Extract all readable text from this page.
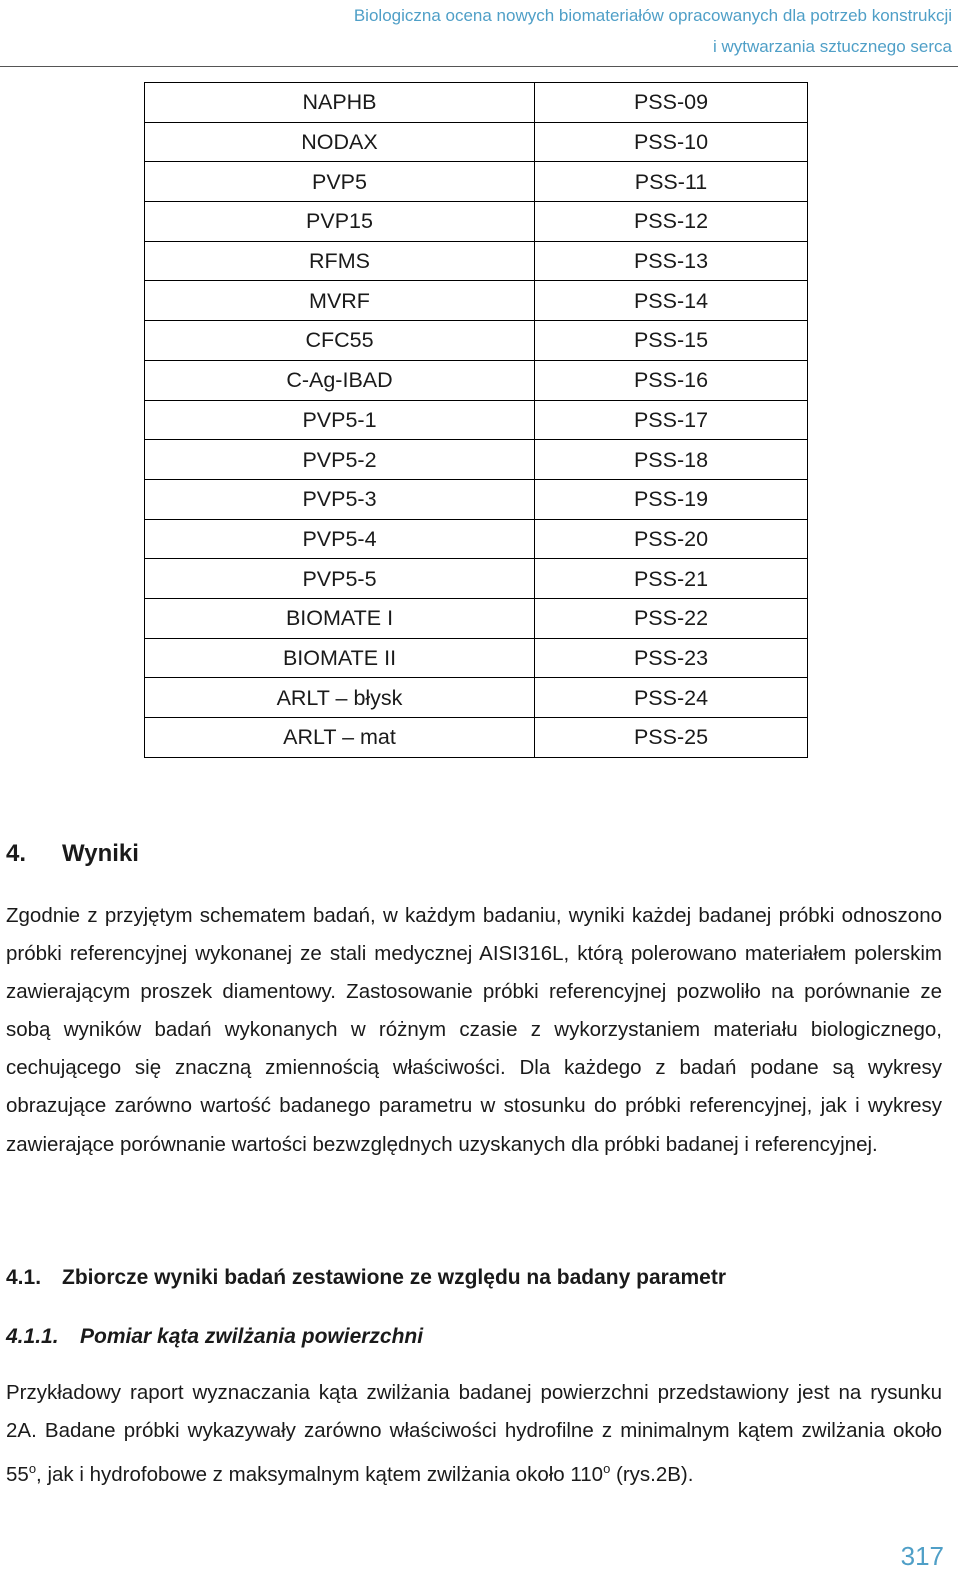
Biologiczna ocena nowych biomateriałów opracowanych dla potrzeb konstrukcji
i wytwarzania sztucznego serca
NAPHB	PSS-09
NODAX	PSS-10
PVP5	PSS-11
PVP15	PSS-12
RFMS	PSS-13
MVRF	PSS-14
CFC55	PSS-15
C-Ag-IBAD	PSS-16
PVP5-1	PSS-17
PVP5-2	PSS-18
PVP5-3	PSS-19
PVP5-4	PSS-20
PVP5-5	PSS-21
BIOMATE I	PSS-22
BIOMATE II	PSS-23
ARLT – błysk	PSS-24
ARLT – mat	PSS-25
4. Wyniki

Zgodnie z przyjętym schematem badań, w każdym badaniu, wyniki każdej badanej próbki odnoszono próbki referencyjnej wykonanej ze stali medycznej AISI316L, którą polerowano materiałem polerskim zawierającym proszek diamentowy. Zastosowanie próbki referencyjnej pozwoliło na porównanie ze sobą wyników badań wykonanych w różnym czasie z wykorzystaniem materiału biologicznego, cechującego się znaczną zmiennością właściwości. Dla każdego z badań podane są wykresy obrazujące zarówno wartość badanego parametru w stosunku do próbki referencyjnej, jak i wykresy zawierające porównanie wartości bezwzględnych uzyskanych dla próbki badanej i referencyjnej.

4.1. Zbiorcze wyniki badań zestawione ze względu na badany parametr
4.1.1. Pomiar kąta zwilżania powierzchni

Przykładowy raport wyznaczania kąta zwilżania badanej powierzchni przedstawiony jest na rysunku 2A. Badane próbki wykazywały zarówno właściwości hydrofilne z minimalnym kątem zwilżania około 55$^o$, jak i hydrofobowe z maksymalnym kątem zwilżania około 110$^o$ (rys.2B).

317
